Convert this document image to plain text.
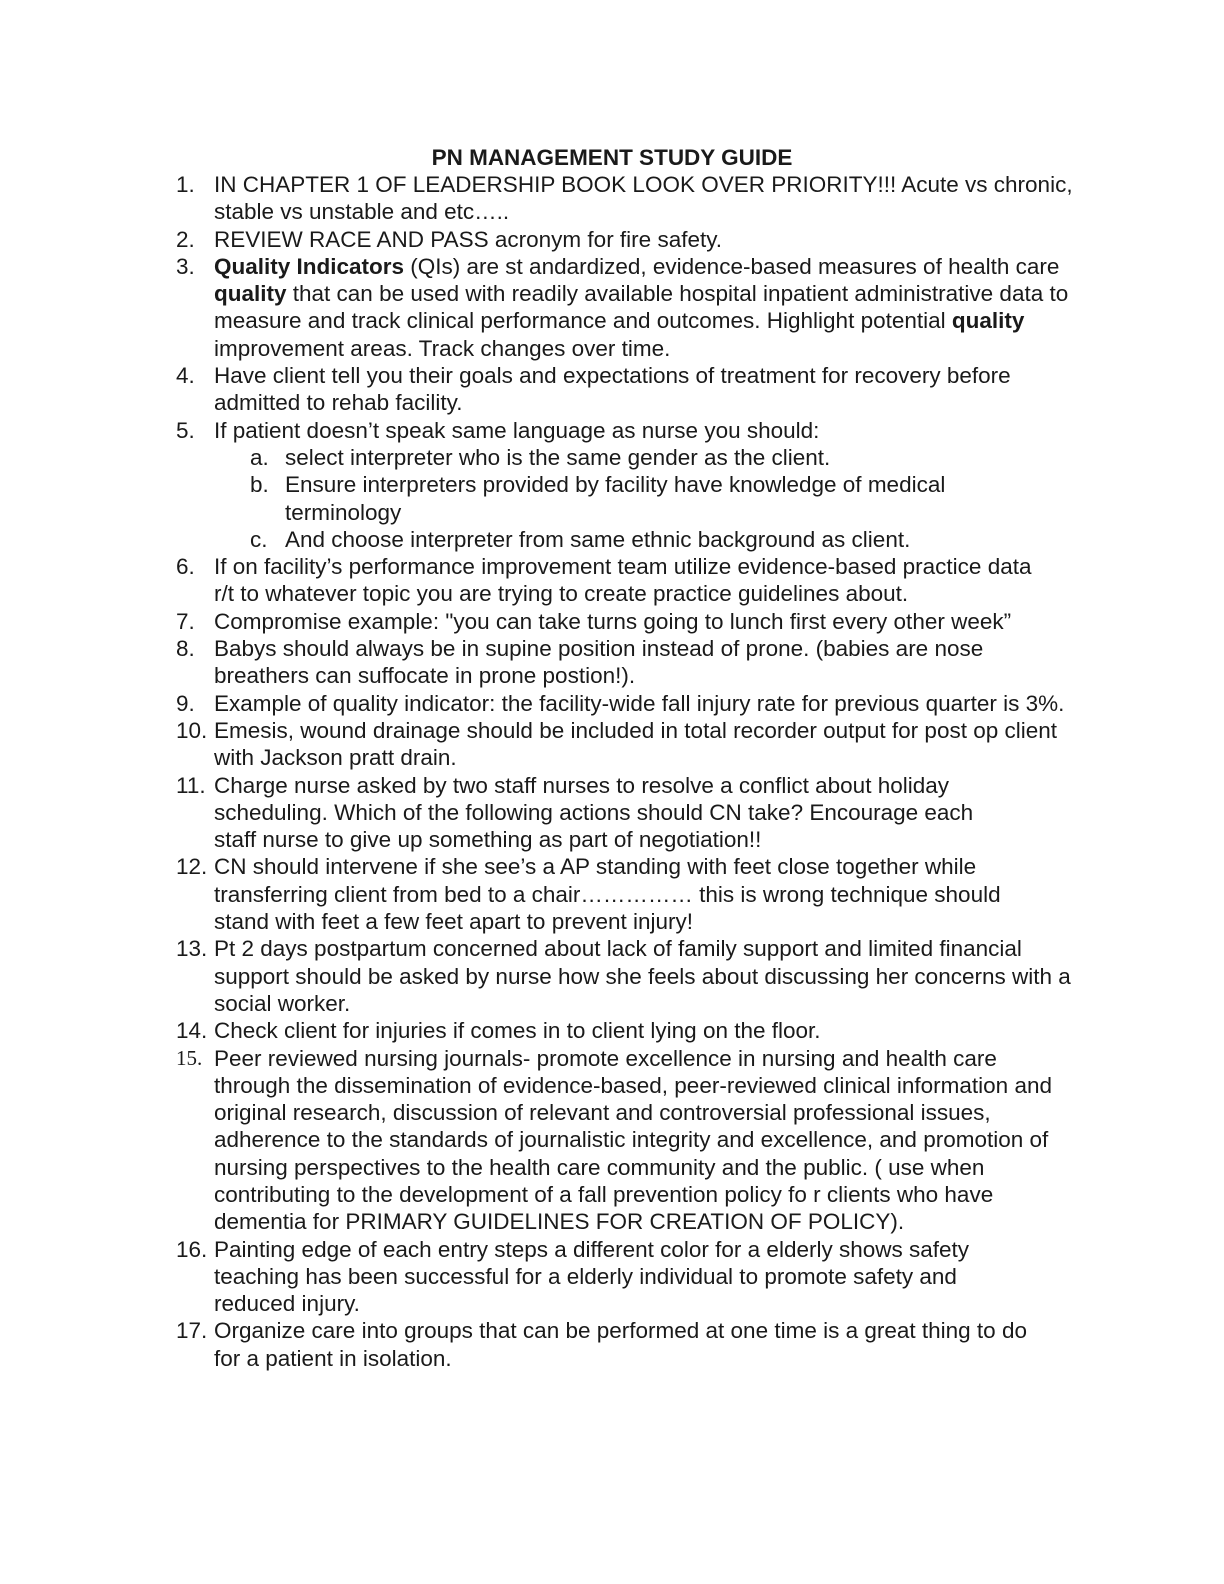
PN MANAGEMENT STUDY GUIDE
1. IN CHAPTER 1 OF LEADERSHIP BOOK LOOK OVER PRIORITY!!! Acute vs chronic, stable vs unstable and etc…..
2. REVIEW RACE AND PASS acronym for fire safety.
3. Quality Indicators (QIs) are st andardized, evidence-based measures of health care quality that can be used with readily available hospital inpatient administrative data to measure and track clinical performance and outcomes. Highlight potential quality improvement areas. Track changes over time.
4. Have client tell you their goals and expectations of treatment for recovery before admitted to rehab facility.
5. If patient doesn’t speak same language as nurse you should:
a. select interpreter who is the same gender as the client.
b. Ensure interpreters provided by facility have knowledge of medical terminology
c. And choose interpreter from same ethnic background as client.
6. If on facility’s performance improvement team utilize evidence-based practice data r/t to whatever topic you are trying to create practice guidelines about.
7. Compromise example: "you can take turns going to lunch first every other week”
8. Babys should always be in supine position instead of prone. (babies are nose breathers can suffocate in prone postion!).
9. Example of quality indicator: the facility-wide fall injury rate for previous quarter is 3%.
10. Emesis, wound drainage should be included in total recorder output for post op client with Jackson pratt drain.
11. Charge nurse asked by two staff nurses to resolve a conflict about holiday scheduling. Which of the following actions should CN take? Encourage each staff nurse to give up something as part of negotiation!!
12. CN should intervene if she see’s a AP standing with feet close together while transferring client from bed to a chair…………… this is wrong technique should stand with feet a few feet apart to prevent injury!
13. Pt 2 days postpartum concerned about lack of family support and limited financial support should be asked by nurse how she feels about discussing her concerns with a social worker.
14. Check client for injuries if comes in to client lying on the floor.
15. Peer reviewed nursing journals- promote excellence in nursing and health care through the dissemination of evidence-based, peer-reviewed clinical information and original research, discussion of relevant and controversial professional issues, adherence to the standards of journalistic integrity and excellence, and promotion of nursing perspectives to the health care community and the public. ( use when contributing to the development of a fall prevention policy fo r clients who have dementia for PRIMARY GUIDELINES FOR CREATION OF POLICY).
16. Painting edge of each entry steps a different color for a elderly shows safety teaching has been successful for a elderly individual to promote safety and reduced injury.
17. Organize care into groups that can be performed at one time is a great thing to do for a patient in isolation.
